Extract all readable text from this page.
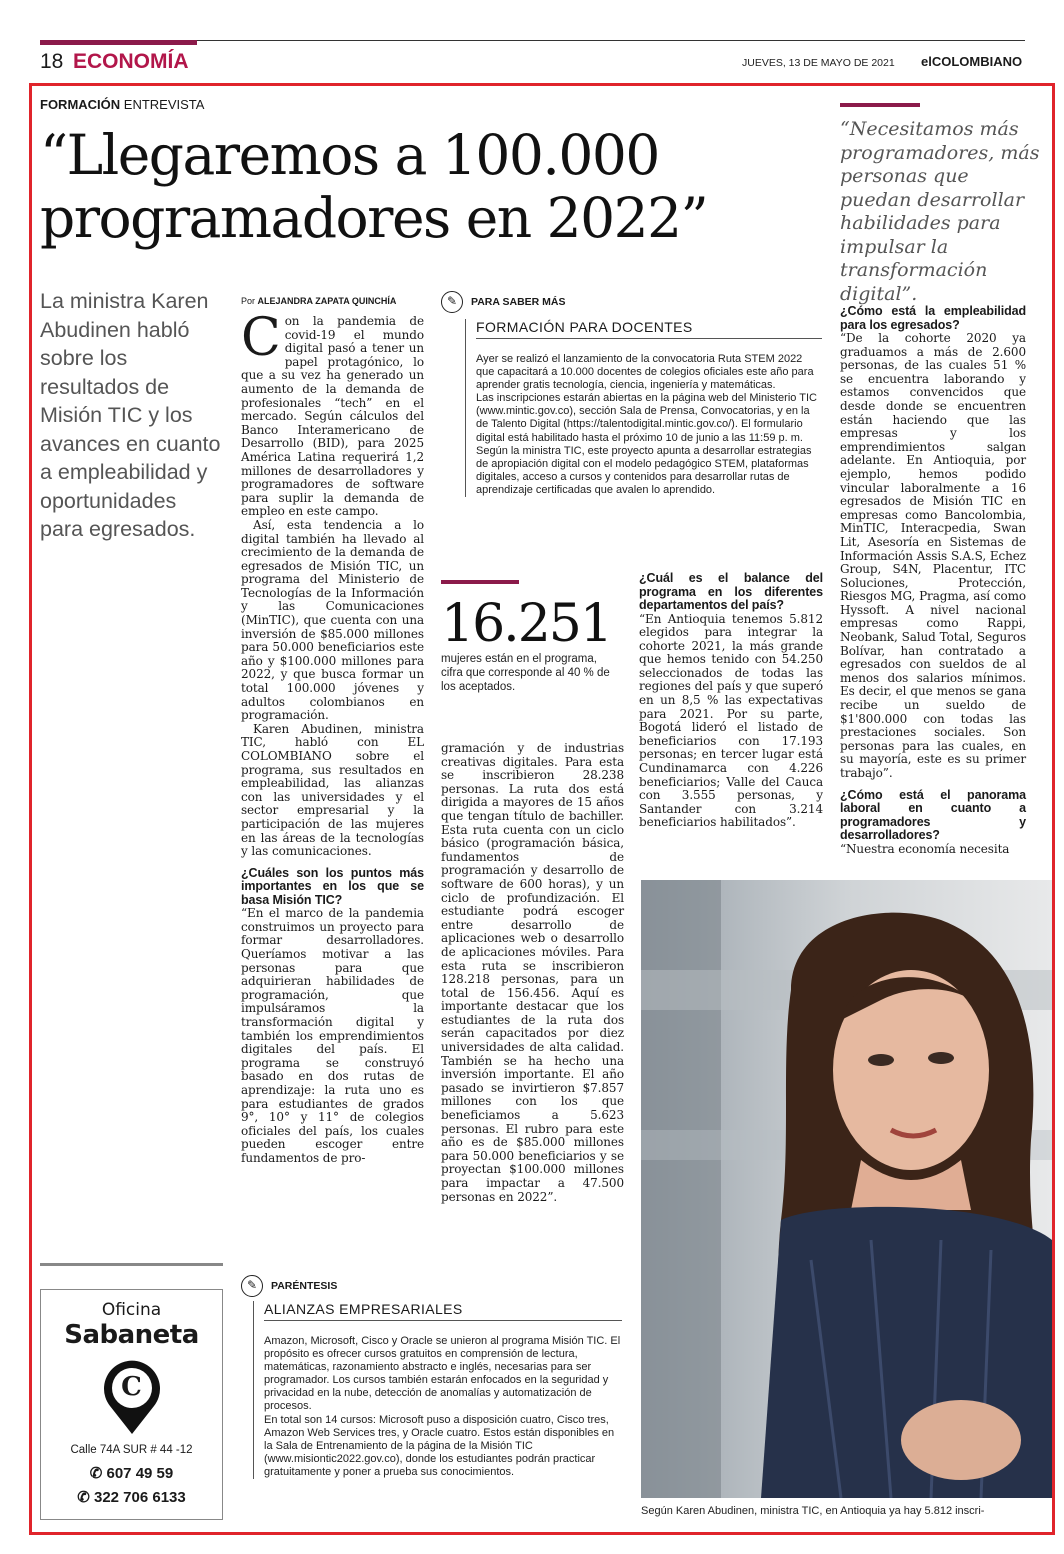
18 ECONOMÍA	JUEVES, 13 DE MAYO DE 2021 elCOLOMBIANO
FORMACIÓN ENTREVISTA
“Llegaremos a 100.000
programadores en 2022”
“Necesitamos más programadores, más personas que puedan desarrollar habilidades para impulsar la transformación digital”.
La ministra Karen Abudinen habló sobre los resultados de Misión TIC y los avances en cuanto a empleabilidad y oportunidades para egresados.
Por ALEJANDRA ZAPATA QUINCHÍA

Con la pandemia de covid-19 el mundo digital pasó a tener un papel protagónico, lo que a su vez ha generado un aumento de la demanda de profesionales “tech” en el mercado. Según cálculos del Banco Interamericano de Desarrollo (BID), para 2025 América Latina requerirá 1,2 millones de desarrolladores y programadores de software para suplir la demanda de empleo en este campo.

Así, esta tendencia a lo digital también ha llevado al crecimiento de la demanda de egresados de Misión TIC, un programa del Ministerio de Tecnologías de la Información y las Comunicaciones (MinTIC), que cuenta con una inversión de $85.000 millones para 50.000 beneficiarios este año y $100.000 millones para 2022, y que busca formar un total 100.000 jóvenes y adultos colombianos en programación.

Karen Abudinen, ministra TIC, habló con EL COLOMBIANO sobre el programa, sus resultados en empleabilidad, las alianzas con las universidades y el sector empresarial y la participación de las mujeres en las áreas de la tecnologías y las comunicaciones.

¿Cuáles son los puntos más importantes en los que se basa Misión TIC?

“En el marco de la pandemia construimos un proyecto para formar desarrolladores. Queríamos motivar a las personas para que adquirieran habilidades de programación, que impulsáramos la transformación digital y también los emprendimientos digitales del país. El programa se construyó basado en dos rutas de aprendizaje: la ruta uno es para estudiantes de grados 9°, 10° y 11° de colegios oficiales del país, los cuales pueden escoger entre fundamentos de pro-

✎	PARA SABER MÁS
FORMACIÓN PARA DOCENTES
Ayer se realizó el lanzamiento de la convocatoria Ruta STEM 2022 que capacitará a 10.000 docentes de colegios oficiales este año para aprender gratis tecnología, ciencia, ingeniería y matemáticas.
Las inscripciones estarán abiertas en la página web del Ministerio TIC (www.mintic.gov.co), sección Sala de Prensa, Convocatorias, y en la de Talento Digital (https://talentodigital.mintic.gov.co/). El formulario digital está habilitado hasta el próximo 10 de junio a las 11:59 p. m. Según la ministra TIC, este proyecto apunta a desarrollar estrategias de apropiación digital con el modelo pedagógico STEM, plataformas digitales, acceso a cursos y contenidos para desarrollar rutas de aprendizaje certificadas que avalen lo aprendido.
16.251
mujeres están en el programa, cifra que corresponde al 40 % de los aceptados.

gramación y de industrias creativas digitales. Para esta se inscribieron 28.238 personas. La ruta dos está dirigida a mayores de 15 años que tengan título de bachiller. Esta ruta cuenta con un ciclo básico (programación básica, fundamentos de programación y desarrollo de software de 600 horas), y un ciclo de profundización. El estudiante podrá escoger entre desarrollo de aplicaciones web o desarrollo de aplicaciones móviles. Para esta ruta se inscribieron 128.218 personas, para un total de 156.456. Aquí es importante destacar que los estudiantes de la ruta dos serán capacitados por diez universidades de alta calidad. También se ha hecho una inversión importante. El año pasado se invirtieron $7.857 millones con los que beneficiamos a 5.623 personas. El rubro para este año es de $85.000 millones para 50.000 beneficiarios y se proyectan $100.000 millones para impactar a 47.500 personas en 2022”.

¿Cuál es el balance del programa en los diferentes departamentos del país?

“En Antioquia tenemos 5.812 elegidos para integrar la cohorte 2021, la más grande que hemos tenido con 54.250 seleccionados de todas las regiones del país y que superó en un 8,5 % las expectativas para 2021. Por su parte, Bogotá lideró el listado de beneficiarios con 17.193 personas; en tercer lugar está Cundinamarca con 4.226 beneficiarios; Valle del Cauca con 3.555 personas, y Santander con 3.214 beneficiarios habilitados”.

¿Cómo está la empleabilidad para los egresados?

“De la cohorte 2020 ya graduamos a más de 2.600 personas, de las cuales 51 % se encuentra laborando y estamos convencidos que desde donde se encuentren están haciendo que las empresas y los emprendimientos salgan adelante. En Antioquia, por ejemplo, hemos podido vincular laboralmente a 16 egresados de Misión TIC en empresas como Bancolombia, MinTIC, Interacpedia, Swan Lit, Asesoría en Sistemas de Información Assis S.A.S, Echez Group, S4N, Placentur, ITC Soluciones, Protección, Riesgos MG, Pragma, así como Hyssoft. A nivel nacional empresas como Rappi, Neobank, Salud Total, Seguros Bolívar, han contratado a egresados con sueldos de al menos dos salarios mínimos. Es decir, el que menos se gana recibe un sueldo de $1'800.000 con todas las prestaciones sociales. Son personas para las cuales, en su mayoría, este es su primer trabajo”.

¿Cómo está el panorama laboral en cuanto a programadores y desarrolladores?

“Nuestra economía necesita

Según Karen Abudinen, ministra TIC, en Antioquia ya hay 5.812 inscri-
✎	PARÉNTESIS
ALIANZAS EMPRESARIALES
Amazon, Microsoft, Cisco y Oracle se unieron al programa Misión TIC. El propósito es ofrecer cursos gratuitos en comprensión de lectura, matemáticas, razonamiento abstracto e inglés, necesarias para ser programador. Los cursos también estarán enfocados en la seguridad y privacidad en la nube, detección de anomalías y automatización de procesos.
En total son 14 cursos: Microsoft puso a disposición cuatro, Cisco tres, Amazon Web Services tres, y Oracle cuatro. Estos están disponibles en la Sala de Entrenamiento de la página de la Misión TIC (www.misiontic2022.gov.co), donde los estudiantes podrán practicar gratuitamente y poner a prueba sus conocimientos.
Oficina
Sabaneta
C
Calle 74A SUR # 44 -12
✆ 607 49 59
✆ 322 706 6133
